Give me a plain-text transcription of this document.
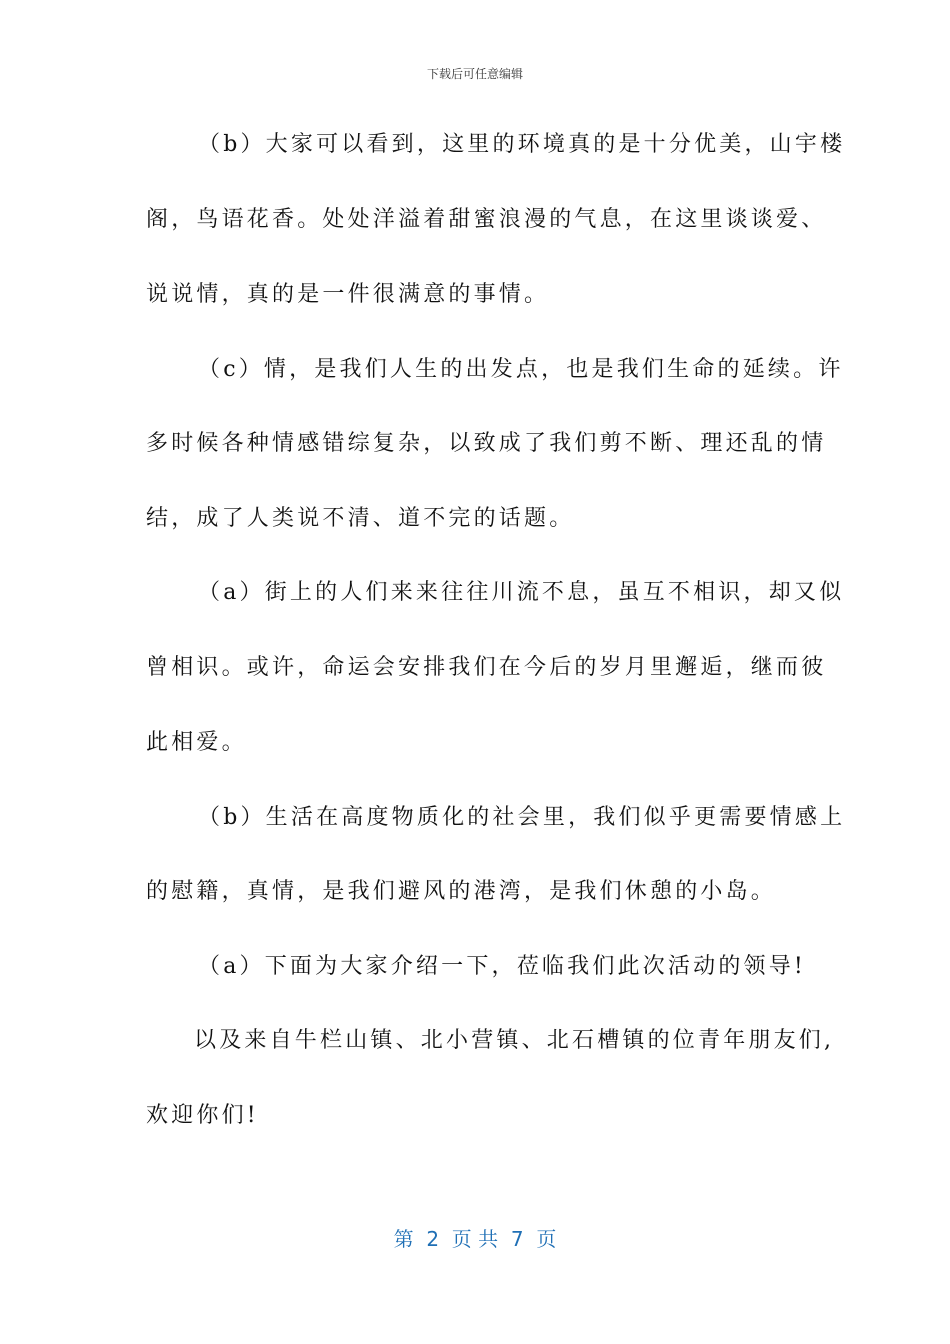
下载后可任意编辑
（b）大家可以看到，这里的环境真的是十分优美，山宇楼
阁，鸟语花香。处处洋溢着甜蜜浪漫的气息，在这里谈谈爱、
说说情，真的是一件很满意的事情。
（c）情，是我们人生的出发点，也是我们生命的延续。许
多时候各种情感错综复杂，以致成了我们剪不断、理还乱的情
结，成了人类说不清、道不完的话题。
（a）街上的人们来来往往川流不息，虽互不相识，却又似
曾相识。或许，命运会安排我们在今后的岁月里邂逅，继而彼
此相爱。
（b）生活在高度物质化的社会里，我们似乎更需要情感上
的慰籍，真情，是我们避风的港湾，是我们休憩的小岛。
（a）下面为大家介绍一下，莅临我们此次活动的领导!
以及来自牛栏山镇、北小营镇、北石槽镇的位青年朋友们,
欢迎你们!
第  2  页 共  7  页
